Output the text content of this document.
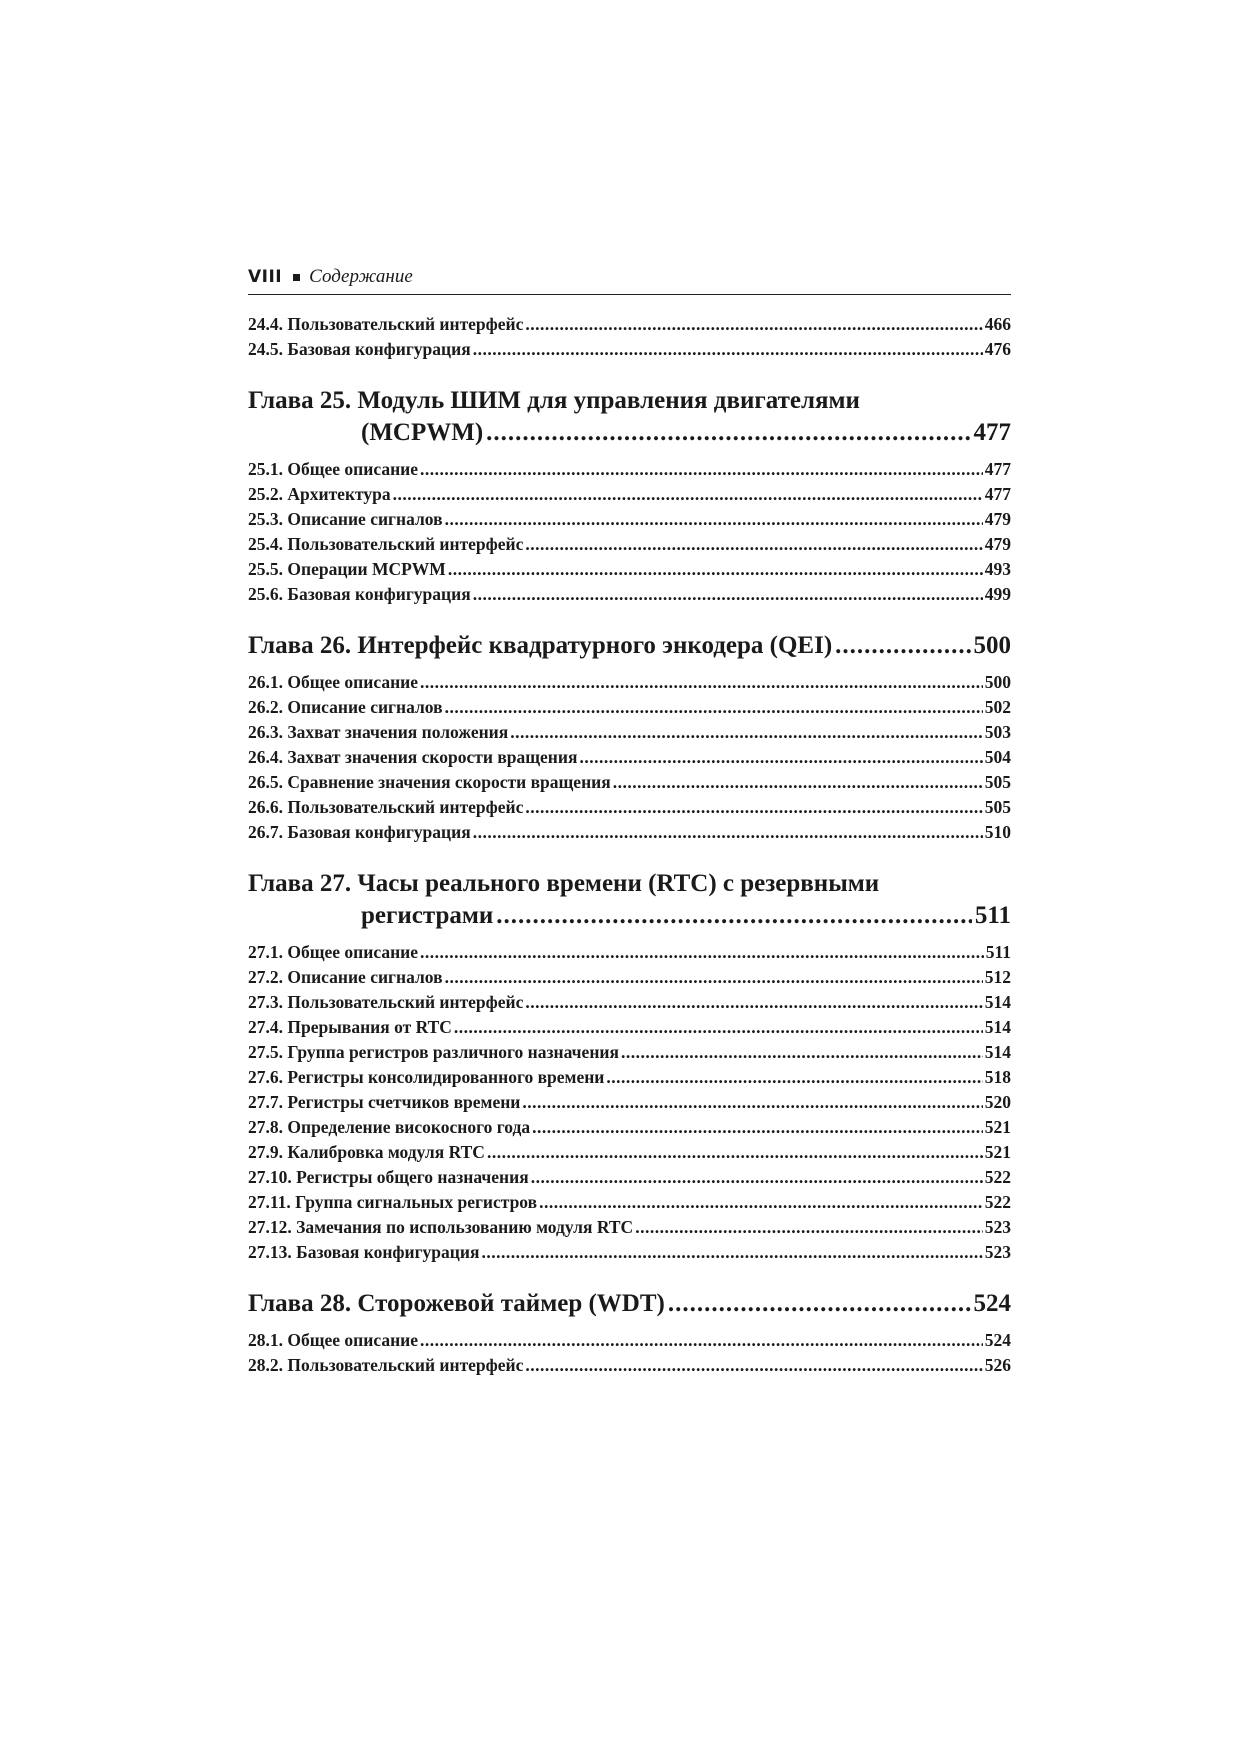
VIII Содержание
24.4. Пользовательский интерфейс .....	466
24.5. Базовая конфигурация .....	476
Глава 25. Модуль ШИМ для управления двигателями
(MCPWM) .....	477
25.1. Общее описание .....	477
25.2. Архитектура .....	477
25.3. Описание сигналов .....	479
25.4. Пользовательский интерфейс .....	479
25.5. Операции MCPWM .....	493
25.6. Базовая конфигурация .....	499
Глава 26. Интерфейс квадратурного энкодера (QEI) .....	500
26.1. Общее описание .....	500
26.2. Описание сигналов .....	502
26.3. Захват значения положения .....	503
26.4. Захват значения скорости вращения .....	504
26.5. Сравнение значения скорости вращения .....	505
26.6. Пользовательский интерфейс .....	505
26.7. Базовая конфигурация .....	510
Глава 27. Часы реального времени (RTC) с резервными
регистрами .....	511
27.1. Общее описание .....	511
27.2. Описание сигналов .....	512
27.3. Пользовательский интерфейс .....	514
27.4. Прерывания от RTC .....	514
27.5. Группа регистров различного назначения .....	514
27.6. Регистры консолидированного времени .....	518
27.7. Регистры счетчиков времени .....	520
27.8. Определение високосного года .....	521
27.9. Калибровка модуля RTC .....	521
27.10. Регистры общего назначения .....	522
27.11. Группа сигнальных регистров .....	522
27.12. Замечания по использованию модуля RTC .....	523
27.13. Базовая конфигурация .....	523
Глава 28. Сторожевой таймер (WDT) .....	524
28.1. Общее описание .....	524
28.2. Пользовательский интерфейс .....	526
